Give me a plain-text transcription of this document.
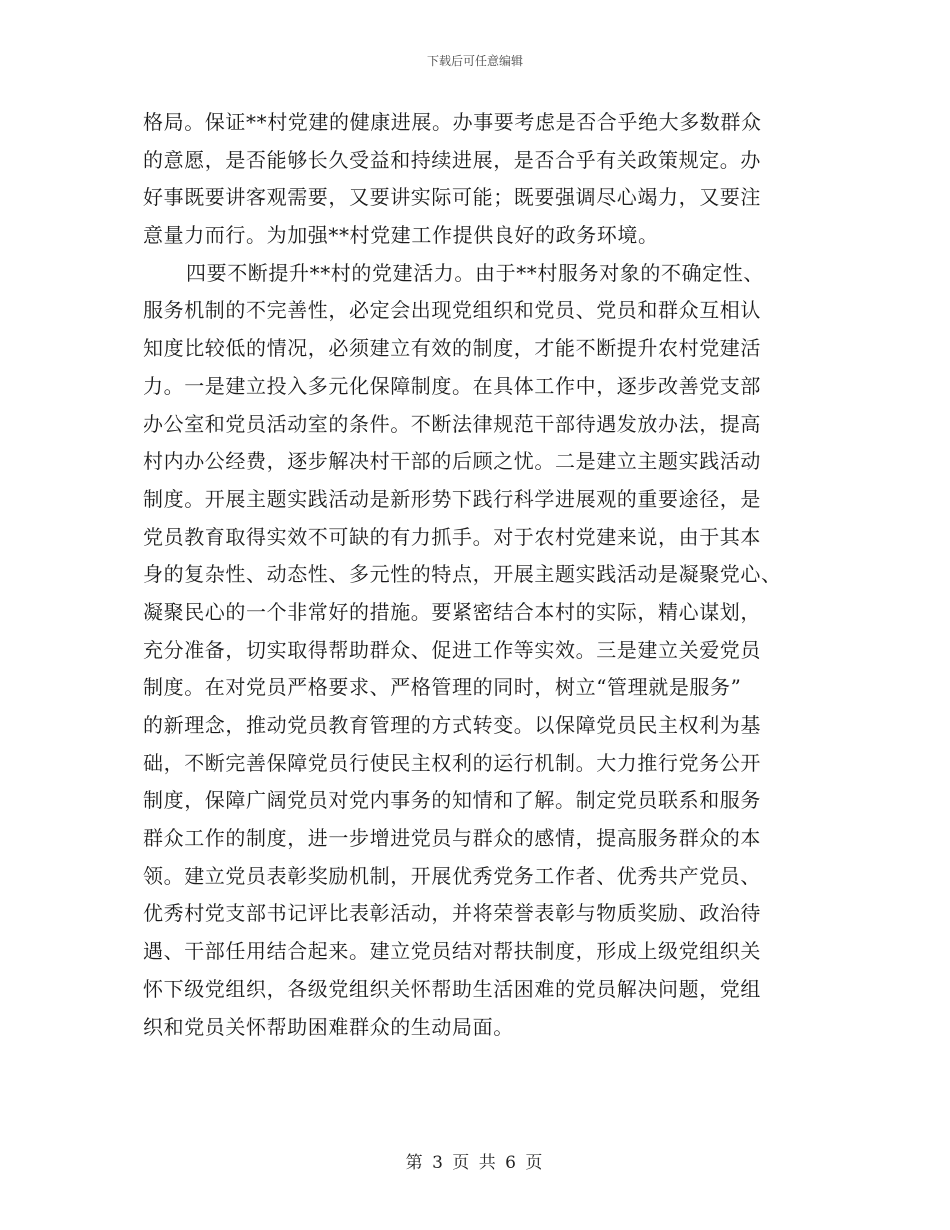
下载后可任意编辑
格局。保证**村党建的健康进展。办事要考虑是否合乎绝大多数群众
的意愿，是否能够长久受益和持续进展，是否合乎有关政策规定。办
好事既要讲客观需要，又要讲实际可能；既要强调尽心竭力，又要注
意量力而行。为加强**村党建工作提供良好的政务环境。
四要不断提升**村的党建活力。由于**村服务对象的不确定性、
服务机制的不完善性，必定会出现党组织和党员、党员和群众互相认
知度比较低的情况，必须建立有效的制度，才能不断提升农村党建活
力。一是建立投入多元化保障制度。在具体工作中，逐步改善党支部
办公室和党员活动室的条件。不断法律规范干部待遇发放办法，提高
村内办公经费，逐步解决村干部的后顾之忧。二是建立主题实践活动
制度。开展主题实践活动是新形势下践行科学进展观的重要途径，是
党员教育取得实效不可缺的有力抓手。对于农村党建来说，由于其本
身的复杂性、动态性、多元性的特点，开展主题实践活动是凝聚党心、
凝聚民心的一个非常好的措施。要紧密结合本村的实际，精心谋划，
充分准备，切实取得帮助群众、促进工作等实效。三是建立关爱党员
制度。在对党员严格要求、严格管理的同时，树立“管理就是服务”
的新理念，推动党员教育管理的方式转变。以保障党员民主权利为基
础，不断完善保障党员行使民主权利的运行机制。大力推行党务公开
制度，保障广阔党员对党内事务的知情和了解。制定党员联系和服务
群众工作的制度，进一步增进党员与群众的感情，提高服务群众的本
领。建立党员表彰奖励机制，开展优秀党务工作者、优秀共产党员、
优秀村党支部书记评比表彰活动，并将荣誉表彰与物质奖励、政治待
遇、干部任用结合起来。建立党员结对帮扶制度，形成上级党组织关
怀下级党组织，各级党组织关怀帮助生活困难的党员解决问题，党组
织和党员关怀帮助困难群众的生动局面。
第 3 页 共 6 页
